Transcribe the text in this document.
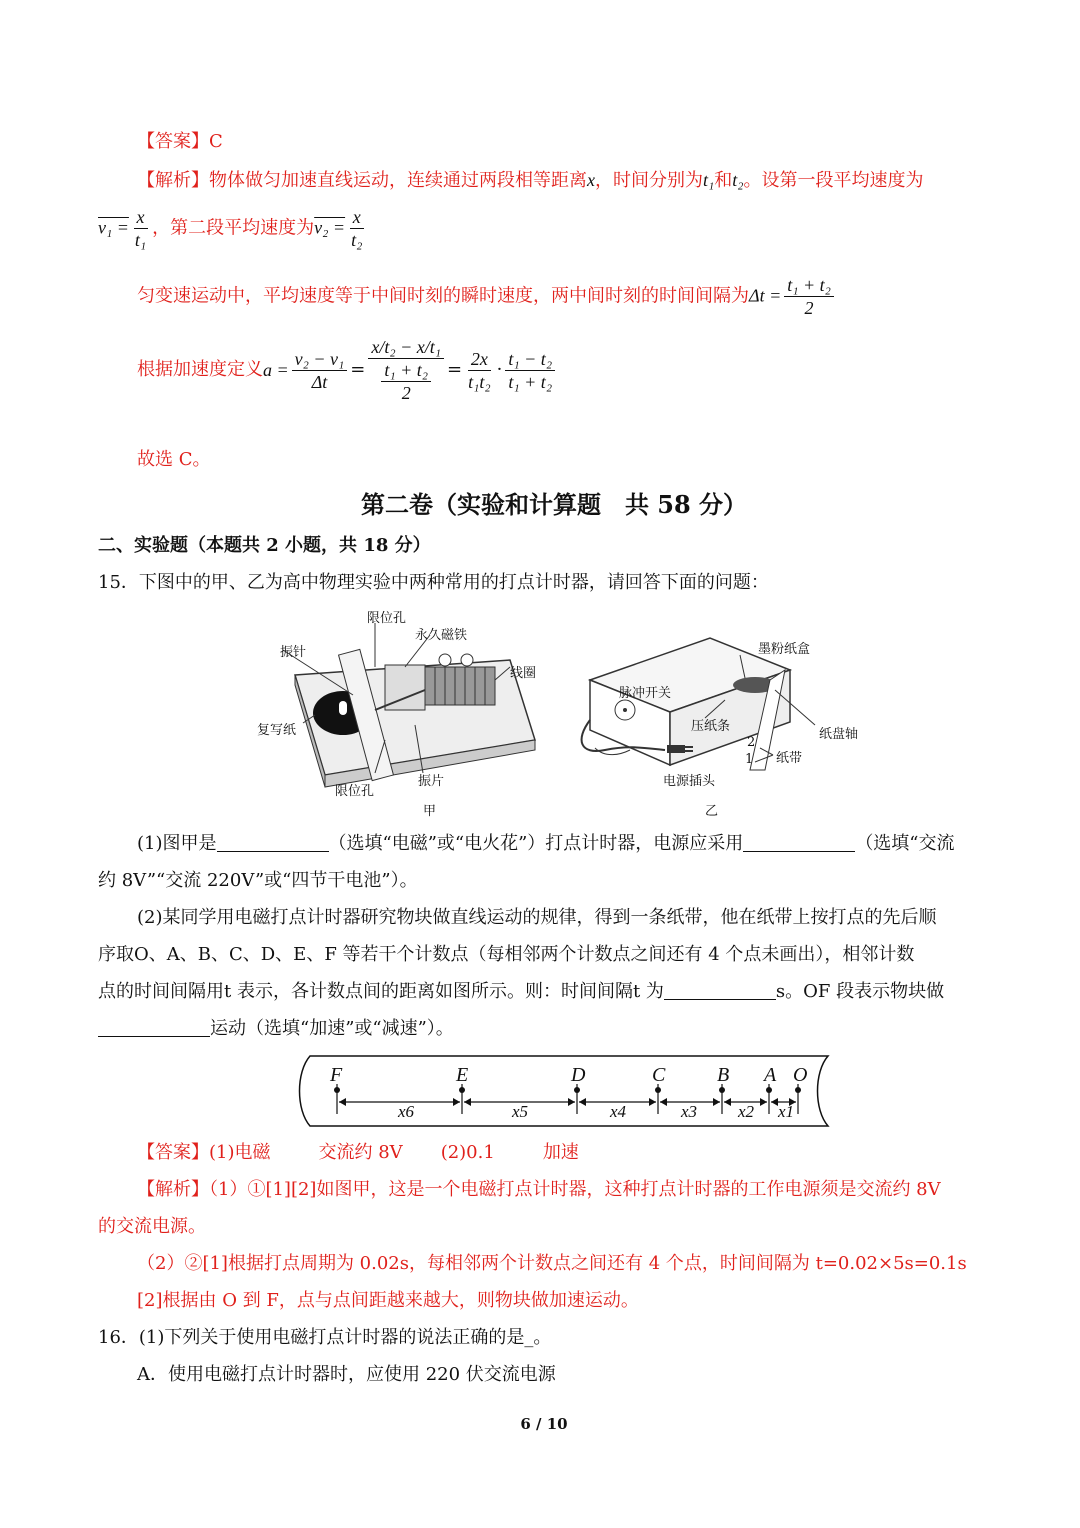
【答案】C
【解析】物体做匀加速直线运动，连续通过两段相等距离x，时间分别为t₁和t₂。设第一段平均速度为
$v_1 = \frac{x}{\text{t₁}}$ ，第二段平均速度为$v_2 = \frac{x}{\text{t₂}}$
匀变速运动中，平均速度等于中间时刻的瞬时速度，两中间时刻的时间间隔为$\Delta t = \frac{\text{t₁ + t₂}}{2}$
根据加速度定义$a = \frac{\text{v₂ − v₁}}{\Delta t}$ =
x/t₂ − x/t₁
t₁ + t₂
2
= $\frac{2x}{\text{t₁t₂}} \cdot \frac{\text{t₁ − t₂}}{\text{t₁ + t₂}}$
故选 C。
第二卷（实验和计算题　共 58 分）
二、实验题（本题共 2 小题，共 18 分）
15．下图中的甲、乙为高中物理实验中两种常用的打点计时器，请回答下面的问题：
限位孔
永久磁铁
振针
线圈
复写纸
振片
限位孔
甲
墨粉纸盒
脉冲开关
压纸条
纸盘轴
纸带
2
1
电源插头
乙
(1)图甲是	（选填“电磁”或“电火花”）打点计时器，电源应采用	（选填“交流
约 8V”“交流 220V”或“四节干电池”）。
(2)某同学用电磁打点计时器研究物块做直线运动的规律，得到一条纸带，他在纸带上按打点的先后顺
序取O、A、B、C、D、E、F 等若干个计数点（每相邻两个计数点之间还有 4 个点未画出），相邻计数
点的时间间隔用t 表示，各计数点间的距离如图所示。则：时间间隔t 为	s。OF 段表示物块做
运动（选填“加速”或“减速”）。
F	E	D	C	B A O
x6	x5	x4	x3 x2 x1
【答案】(1)电磁	交流约 8V (2)0.1	加速
【解析】（1）①[1][2]如图甲，这是一个电磁打点计时器，这种打点计时器的工作电源须是交流约 8V
的交流电源。
（2）②[1]根据打点周期为 0.02s，每相邻两个计数点之间还有 4 个点，时间间隔为 t=0.02×5s=0.1s
[2]根据由 O 到 F，点与点间距越来越大，则物块做加速运动。
16．(1)下列关于使用电磁打点计时器的说法正确的是_。
A．使用电磁打点计时器时，应使用 220 伏交流电源
6 / 10
